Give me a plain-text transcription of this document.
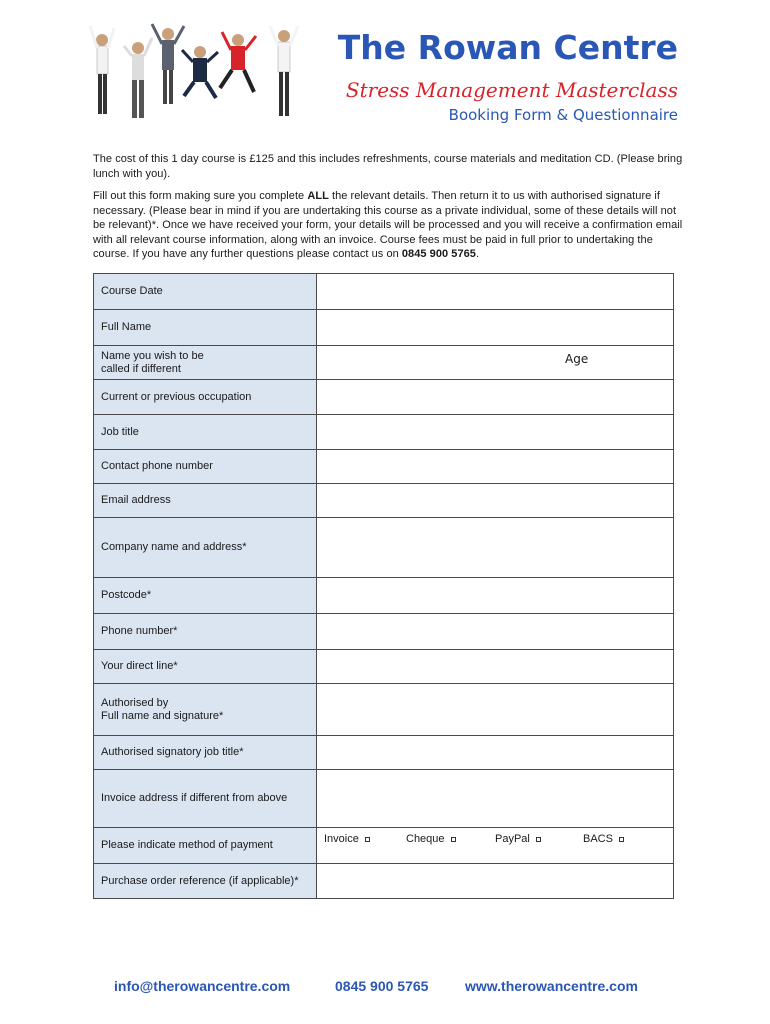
The Rowan Centre
Stress Management Masterclass
Booking Form & Questionnaire

The cost of this 1 day course is £125 and this includes refreshments, course materials and meditation CD. (Please bring lunch with you).

Fill out this form making sure you complete ALL the relevant details. Then return it to us with authorised signature if necessary. (Please bear in mind if you are undertaking this course as a private individual, some of these details will not be relevant)*. Once we have received your form, your details will be processed and you will receive a confirmation email with all relevant course information, along with an invoice. Course fees must be paid in full prior to undertaking the course. If you have any further questions please contact us on 0845 900 5765.

Course Date	
Full Name	

Name you wish to be
called if different	Age

Current or previous occupation	
Job title	
Contact phone number	
Email address	
Company name and address*	
Postcode*	
Phone number*	
Your direct line*	

Authorised by
Full name and signature*	

Authorised signatory job title*	
Invoice address if different from above	
Please indicate method of payment	Invoice Cheque PayPal BACS

Purchase order reference (if applicable)*	
info@therowancentre.com	0845 900 5765	www.therowancentre.com
